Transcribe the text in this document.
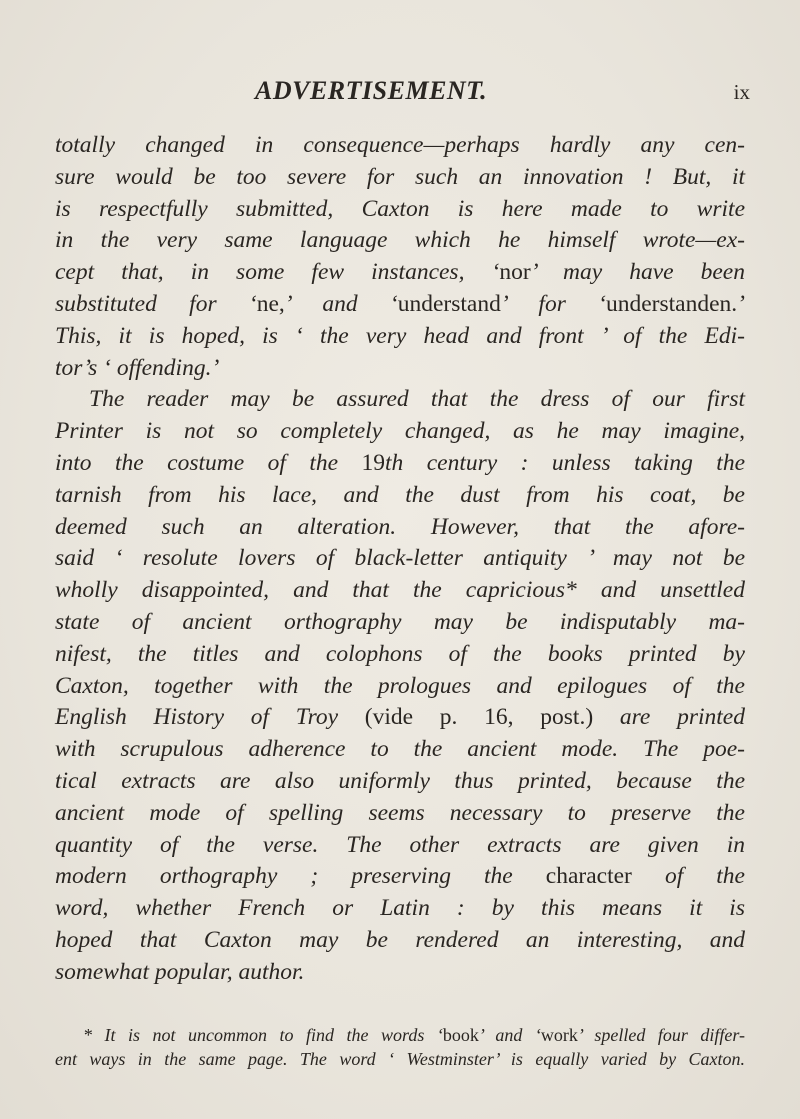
ADVERTISEMENT.	ix
totally changed in consequence—perhaps hardly any cen-
sure would be too severe for such an innovation ! But, it
is respectfully submitted, Caxton is here made to write
in the very same language which he himself wrote—ex-
cept that, in some few instances, ‘nor’ may have been
substituted for ‘ne,’ and ‘understand’ for ‘understanden.’
This, it is hoped, is ‘ the very head and front ’ of the Edi-
tor’s ‘ offending.’
The reader may be assured that the dress of our first
Printer is not so completely changed, as he may imagine,
into the costume of the 19th century : unless taking the
tarnish from his lace, and the dust from his coat, be
deemed such an alteration. However, that the afore-
said ‘ resolute lovers of black-letter antiquity ’ may not be
wholly disappointed, and that the capricious* and unsettled
state of ancient orthography may be indisputably ma-
nifest, the titles and colophons of the books printed by
Caxton, together with the prologues and epilogues of the
English History of Troy (vide p. 16, post.) are printed
with scrupulous adherence to the ancient mode. The poe-
tical extracts are also uniformly thus printed, because the
ancient mode of spelling seems necessary to preserve the
quantity of the verse. The other extracts are given in
modern orthography ; preserving the character of the
word, whether French or Latin : by this means it is
hoped that Caxton may be rendered an interesting, and
somewhat popular, author.
* It is not uncommon to find the words ‘book’ and ‘work’ spelled four differ-
ent ways in the same page. The word ‘ Westminster’ is equally varied by Caxton.
